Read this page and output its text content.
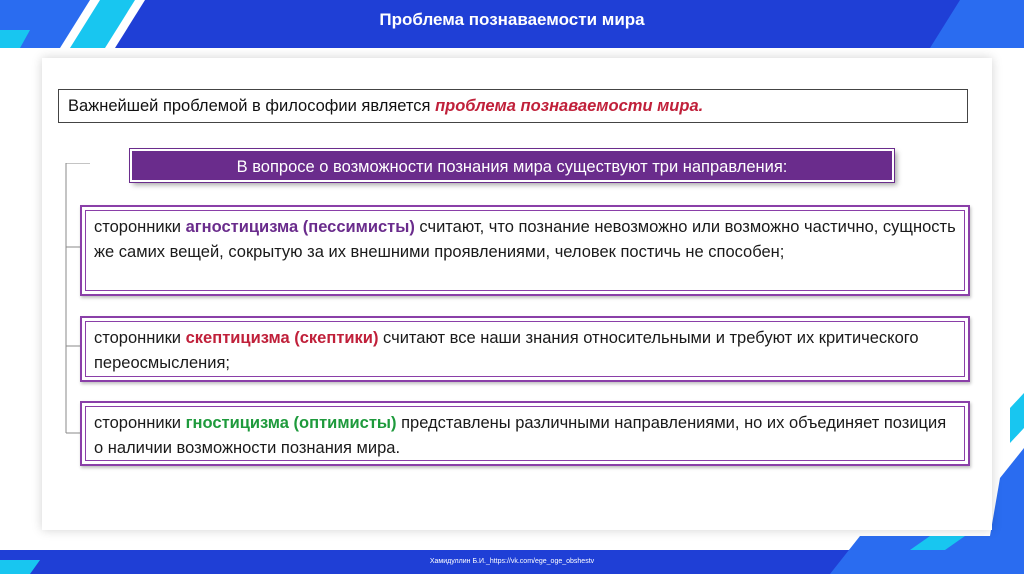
Проблема познаваемости мира
Важнейшей проблемой в философии является проблема познаваемости мира.
В вопросе о возможности познания мира существуют три направления:
сторонники агностицизма (пессимисты) считают, что познание невозможно или возможно частично, сущность же самих вещей, сокрытую за их внешними проявлениями, человек постичь не способен;
сторонники скептицизма (скептики) считают все наши знания относительными и требуют их критического переосмысления;
сторонники гностицизма (оптимисты) представлены различными направлениями, но их объединяет позиция о наличии возможности познания мира.
Хамидуллин Б.И._https://vk.com/ege_oge_obshestv
